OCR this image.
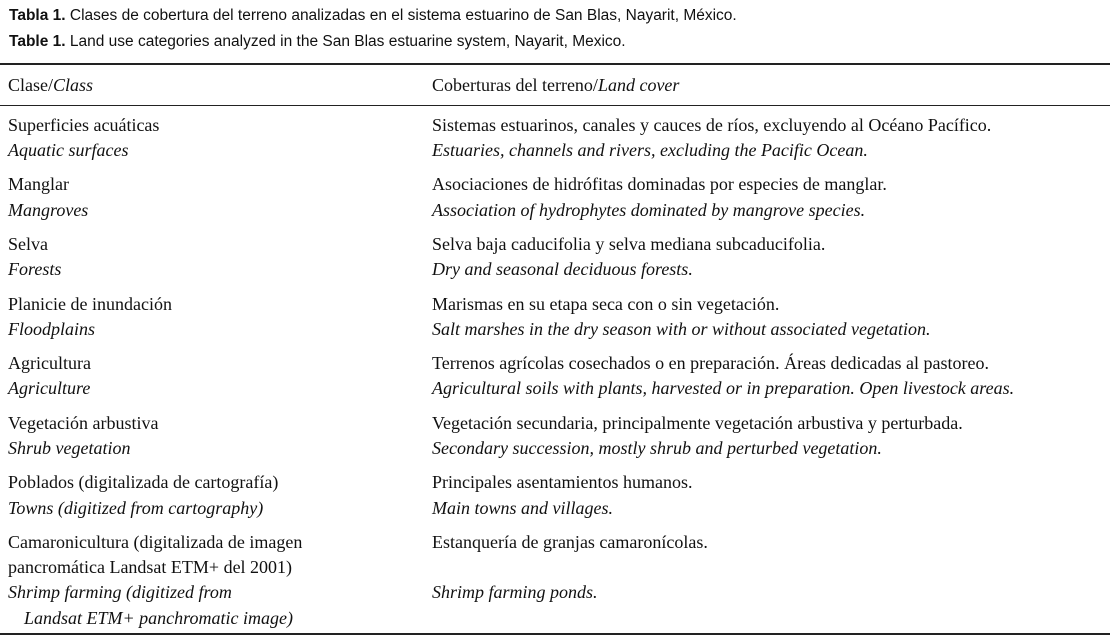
Tabla 1. Clases de cobertura del terreno analizadas en el sistema estuarino de San Blas, Nayarit, México.
Table 1. Land use categories analyzed in the San Blas estuarine system, Nayarit, Mexico.
Clase/Class	Coberturas del terreno/Land cover
Superficies acuáticas
Aquatic surfaces
Sistemas estuarinos, canales y cauces de ríos, excluyendo al Océano Pacífico.
Estuaries, channels and rivers, excluding the Pacific Ocean.
Manglar
Mangroves
Asociaciones de hidrófitas dominadas por especies de manglar.
Association of hydrophytes dominated by mangrove species.
Selva
Forests
Selva baja caducifolia y selva mediana subcaducifolia.
Dry and seasonal deciduous forests.
Planicie de inundación
Floodplains
Marismas en su etapa seca con o sin vegetación.
Salt marshes in the dry season with or without associated vegetation.
Agricultura
Agriculture
Terrenos agrícolas cosechados o en preparación. Áreas dedicadas al pastoreo.
Agricultural soils with plants, harvested or in preparation. Open livestock areas.
Vegetación arbustiva
Shrub vegetation
Vegetación secundaria, principalmente vegetación arbustiva y perturbada.
Secondary succession, mostly shrub and perturbed vegetation.
Poblados (digitalizada de cartografía)
Towns (digitized from cartography)
Principales asentamientos humanos.
Main towns and villages.
Camaronicultura (digitalizada de imagen
pancromática Landsat ETM+ del 2001)
Shrimp farming (digitized from
Landsat ETM+ panchromatic image)
Estanquería de granjas camaronícolas.
Shrimp farming ponds.
